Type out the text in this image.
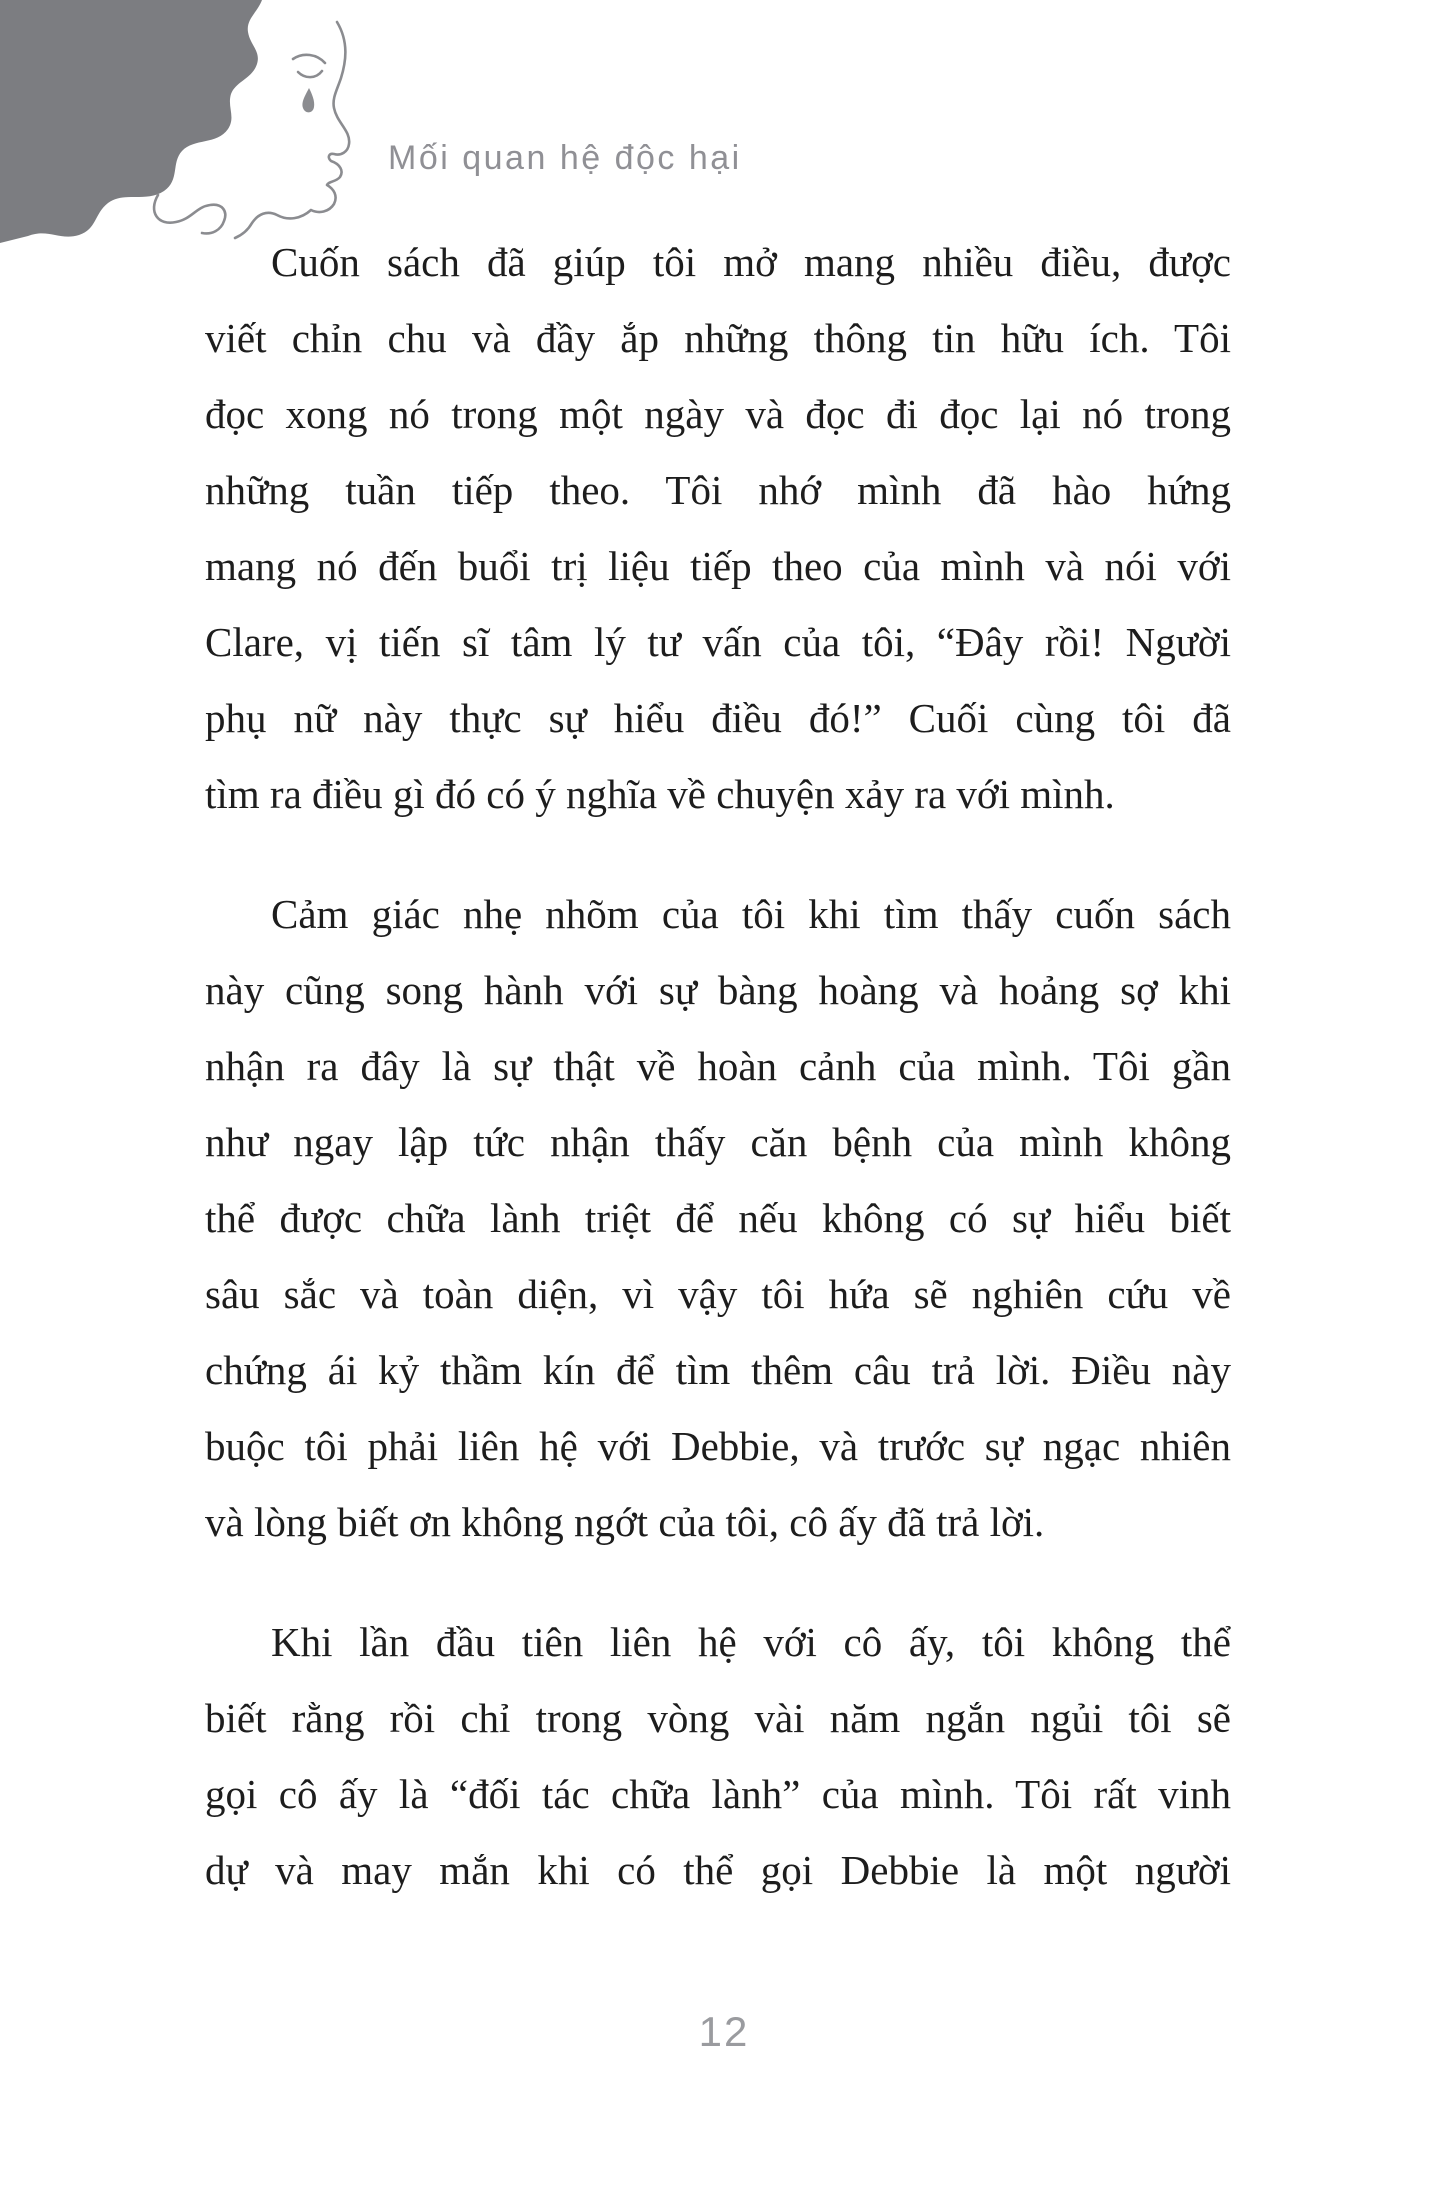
Mối quan hệ độc hại
Cuốn sách đã giúp tôi mở mang nhiều điều, được
viết chỉn chu và đầy ắp những thông tin hữu ích. Tôi
đọc xong nó trong một ngày và đọc đi đọc lại nó trong
những tuần tiếp theo. Tôi nhớ mình đã hào hứng
mang nó đến buổi trị liệu tiếp theo của mình và nói với
Clare, vị tiến sĩ tâm lý tư vấn của tôi, “Đây rồi! Người
phụ nữ này thực sự hiểu điều đó!” Cuối cùng tôi đã
tìm ra điều gì đó có ý nghĩa về chuyện xảy ra với mình.
Cảm giác nhẹ nhõm của tôi khi tìm thấy cuốn sách
này cũng song hành với sự bàng hoàng và hoảng sợ khi
nhận ra đây là sự thật về hoàn cảnh của mình. Tôi gần
như ngay lập tức nhận thấy căn bệnh của mình không
thể được chữa lành triệt để nếu không có sự hiểu biết
sâu sắc và toàn diện, vì vậy tôi hứa sẽ nghiên cứu về
chứng ái kỷ thầm kín để tìm thêm câu trả lời. Điều này
buộc tôi phải liên hệ với Debbie, và trước sự ngạc nhiên
và lòng biết ơn không ngớt của tôi, cô ấy đã trả lời.
Khi lần đầu tiên liên hệ với cô ấy, tôi không thể
biết rằng rồi chỉ trong vòng vài năm ngắn ngủi tôi sẽ
gọi cô ấy là “đối tác chữa lành” của mình. Tôi rất vinh
dự và may mắn khi có thể gọi Debbie là một người
12
